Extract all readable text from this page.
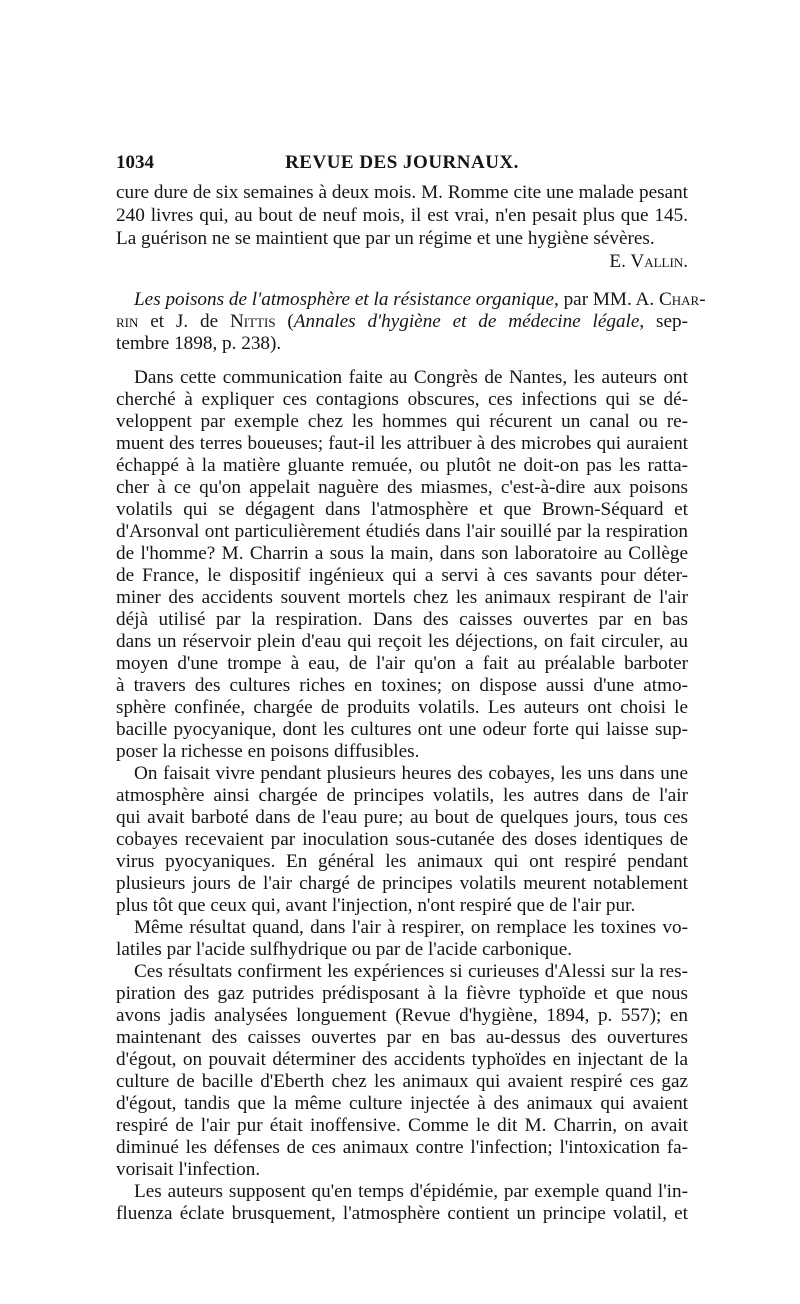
1034	REVUE DES JOURNAUX.
cure dure de six semaines à deux mois. M. Romme cite une malade pesant
240 livres qui, au bout de neuf mois, il est vrai, n'en pesait plus que 145.
La guérison ne se maintient que par un régime et une hygiène sévères.
E. Vallin.
Les poisons de l'atmosphère et la résistance organique, par MM. A. Char-
rin et J. de Nittis (Annales d'hygiène et de médecine légale, sep-
tembre 1898, p. 238).
Dans cette communication faite au Congrès de Nantes, les auteurs ont
cherché à expliquer ces contagions obscures, ces infections qui se dé-
veloppent par exemple chez les hommes qui récurent un canal ou re-
muent des terres boueuses; faut-il les attribuer à des microbes qui auraient
échappé à la matière gluante remuée, ou plutôt ne doit-on pas les ratta-
cher à ce qu'on appelait naguère des miasmes, c'est-à-dire aux poisons
volatils qui se dégagent dans l'atmosphère et que Brown-Séquard et
d'Arsonval ont particulièrement étudiés dans l'air souillé par la respiration
de l'homme? M. Charrin a sous la main, dans son laboratoire au Collège
de France, le dispositif ingénieux qui a servi à ces savants pour déter-
miner des accidents souvent mortels chez les animaux respirant de l'air
déjà utilisé par la respiration. Dans des caisses ouvertes par en bas
dans un réservoir plein d'eau qui reçoit les déjections, on fait circuler, au
moyen d'une trompe à eau, de l'air qu'on a fait au préalable barboter
à travers des cultures riches en toxines; on dispose aussi d'une atmo-
sphère confinée, chargée de produits volatils. Les auteurs ont choisi le
bacille pyocyanique, dont les cultures ont une odeur forte qui laisse sup-
poser la richesse en poisons diffusibles.
On faisait vivre pendant plusieurs heures des cobayes, les uns dans une
atmosphère ainsi chargée de principes volatils, les autres dans de l'air
qui avait barboté dans de l'eau pure; au bout de quelques jours, tous ces
cobayes recevaient par inoculation sous-cutanée des doses identiques de
virus pyocyaniques. En général les animaux qui ont respiré pendant
plusieurs jours de l'air chargé de principes volatils meurent notablement
plus tôt que ceux qui, avant l'injection, n'ont respiré que de l'air pur.
Même résultat quand, dans l'air à respirer, on remplace les toxines vo-
latiles par l'acide sulfhydrique ou par de l'acide carbonique.
Ces résultats confirment les expériences si curieuses d'Alessi sur la res-
piration des gaz putrides prédisposant à la fièvre typhoïde et que nous
avons jadis analysées longuement (Revue d'hygiène, 1894, p. 557); en
maintenant des caisses ouvertes par en bas au-dessus des ouvertures
d'égout, on pouvait déterminer des accidents typhoïdes en injectant de la
culture de bacille d'Eberth chez les animaux qui avaient respiré ces gaz
d'égout, tandis que la même culture injectée à des animaux qui avaient
respiré de l'air pur était inoffensive. Comme le dit M. Charrin, on avait
diminué les défenses de ces animaux contre l'infection; l'intoxication fa-
vorisait l'infection.
Les auteurs supposent qu'en temps d'épidémie, par exemple quand l'in-
fluenza éclate brusquement, l'atmosphère contient un principe volatil, et
